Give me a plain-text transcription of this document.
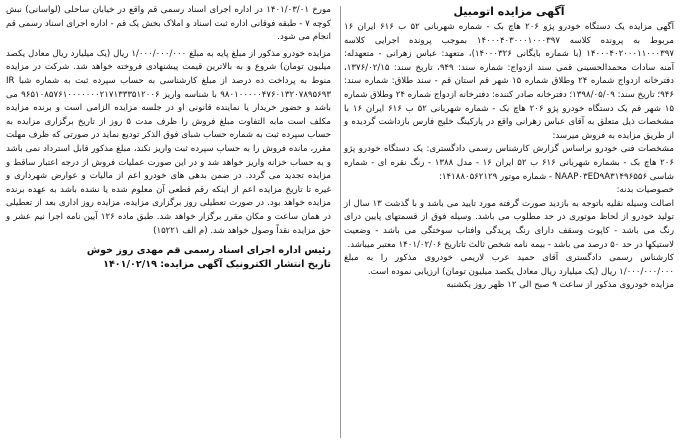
آگهی مزایده اتومبیل

آگهی مزایده یک دستگاه خودرو پژو ۲۰۶ هاچ بک - شماره شهربانی ۵۲ ب ۶۱۶ ایران ۱۶ مربوط به پرونده کلاسه ۱۴۰۰۰۴۰۳۰۰۰۱۰۰۰۳۹۷ بموجب پرونده اجرایی کلاسه ۱۴۰۰۰۴۰۲۰۰۰۱۱۰۰۰۳۹۷ (با شماره بایگانی ۱۴۰۰۰۳۲۶)، متعهد: عباس زهرانی - متعهدله: آمنه سادات محمدالحسینی قمی سند ازدواج: شماره سند: ۹۴۹، تاریخ سند: ۱۳۷۶/۰۲/۱۵، دفترخانه ازدواج شماره ۲۴ وطلاق شماره ۱۵ شهر قم استان قم - سند طلاق: شماره سند: ۹۴۶؛ تاریخ سند: ۱۳۹۸/۰۵/۰۹؛ دفترخانه صادر کننده: دفترخانه ازدواج شماره ۲۴ وطلاق شماره ۱۵ شهر قم یک دستگاه خودرو پژو ۲۰۶ هاچ بک - شماره شهربانی ۵۲ ب ۶۱۶ ایران ۱۶ با مشخصات ذیل متعلق به آقای عباس زهرانی واقع در پارکینگ خلیج فارس بازداشت گردیده و از طریق مزایده به فروش میرسد:

مشخصات فنی خودرو براساس گزارش کارشناس رسمی دادگستری: یک دستگاه خودرو پژو ۲۰۶ هاچ بک - بشماره شهربانی ۶۱۶ ب ۵۲ ایران ۱۶ - مدل ۱۳۸۸ - رنگ نقره ای - شماره شاسی NAAP۰۳ED۹A۳۱۴۹۶۵۵۶ - شماره موتور ۱۴۱۸۸۰۵۶۲۱۲۹:

خصوصیات بدنه:

اصالت وسیله نقلیه باتوجه به بازدید صورت گرفته مورد تایید می باشد و با گذشت ۱۳ سال از تولید خودرو از لحاظ موتوری در حد مطلوب می باشد. وسیله فوق از قسمتهای پایین درای رنگ می باشد - کاپوت وسقف دارای رنگ پریدگی وافتاب سوختگی می باشد - وضعیت لاستیکها در حد ۵۰ درصد می باشد - بیمه نامه شخص ثالث تاتاریخ ۱۴۰۱/۰۲/۰۶ معتبر میباشد.

کارشناس رسمی دادگستری آقای حمید عرب لاریمی خودروی مذکور را به مبلغ ۱/۰۰۰/۰۰۰/۰۰۰ ریال (یک میلیارد ریال معادل یکصد میلیون تومان) ارزیابی نموده است.

مزایده خودروی مذکور از ساعت ۹ صبح الی ۱۲ ظهر روز یکشنبه

مورخ ۱۴۰۱/۰۳/۰۱ در اداره اجرای اسناد رسمی قم واقع در خیابان ساحلی (لواسانی) نبش کوچه ۷ - طبقه فوقانی اداره ثبت اسناد و املاک بخش یک قم - اداره اجرای اسناد رسمی قم انجام می شود.

مزایده خودرو مذکور از مبلغ پایه به مبلغ ۱/۰۰۰/۰۰۰/۰۰۰ ریال (یک میلیارد ریال معادل یکصد میلیون تومان) شروع و به بالاترین قیمت پیشنهادی فروخته خواهد شد. شرکت در مزایده منوط به پرداخت ده درصد از مبلغ کارشناسی به حساب سپرده ثبت به شماره شبا IR ۹۸۰۱۰۰۰۰۰۴۷۶۰۱۳۲۰۷۸۹۵۶۹۳ با شناسه واریز ۹۶۵۱۰۸۵۷۶۱۰۰۰۰۰۰۰۲۱۷۱۳۳۳۵۱۲۰۰۶ می باشد و حضور خریدار یا نماینده قانونی او در جلسه مزایده الزامی است و برنده مزایده مکلف است مابه التفاوت مبلغ فروش را ظرف مدت ۵ روز از تاریخ برگزاری مزایده به حساب سپرده ثبت به شماره حساب شبای فوق الذکر تودیع نماید در صورتی که ظرف مهلت مقرر، مانده فروش را به حساب سپرده ثبت واریز نکند، مبلغ مذکور قابل استرداد نمی باشد و به حساب خزانه واریز خواهد شد و در این صورت عملیات فروش از درجه اعتبار ساقط و مزایده تجدید می گردد. در ضمن بدهی های خودرو اعم از مالیات و عوارض شهرداری و غیره تا تاریخ مزایده اعم از اینکه رقم قطعی آن معلوم شده یا نشده باشد به عهده برنده مزایده خواهد بود. در صورت تعطیلی روز برگزاری مزایده، مزایده روز اداری بعد از تعطیلی در همان ساعت و مکان مقرر برگزار خواهد شد. طبق ماده ۱۲۶ آیین نامه اجرا نیم عشر و حق مزایده نقداً وصول خواهد شد. (م الف ۱۵۲۲۱)

رئیس اداره اجرای اسناد رسمی قم مهدی روز خوش
تاریخ انتشار الکترونیک آگهی مزایده: ۱۴۰۱/۰۲/۱۹
